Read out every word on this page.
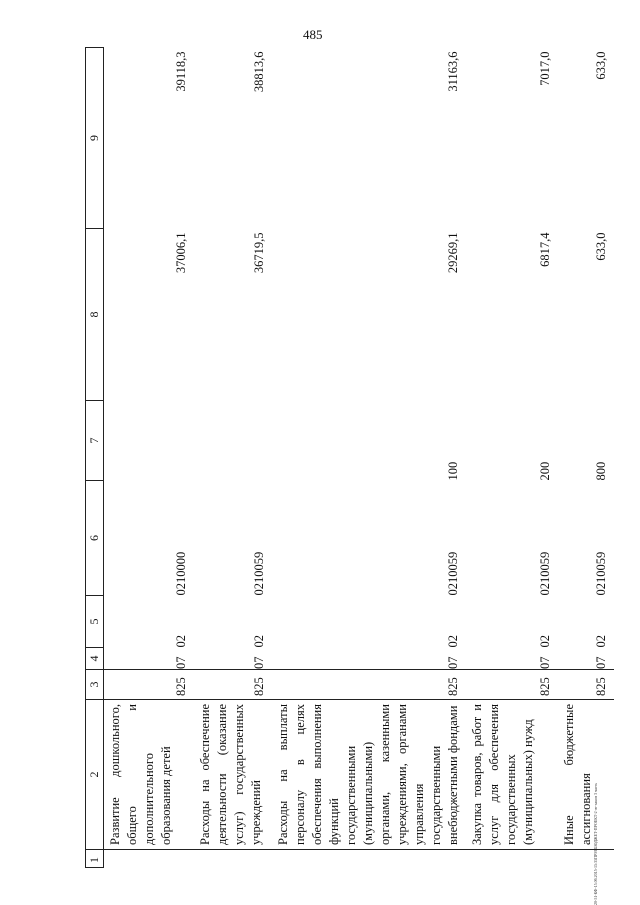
485
20-51-КФ-15.06.2015-15:35ПРМ-БЮДЖЕТ-ПРОЕКТ-2 чт-закон 3 часть
1	2	3	4	5	6	7	8	9

	Развитие дошкольного, общего и дополнительного образования детей	825	07	02	0210000		37006,1	39118,3

	Расходы на обеспечение деятельности (оказание услуг) государственных учреждений	825	07	02	0210059		36719,5	38813,6

	Расходы на выплаты персоналу в целях обеспечения выполнения функций государственными (муниципальными) органами, казенными учреждениями, органами управления государственными внебюджетными фондами	825	07	02	0210059	100	29269,1	31163,6

	Закупка товаров, работ и услуг для обеспечения государственных (муниципальных) нужд	825	07	02	0210059	200	6817,4	7017,0

	Иные бюджетные ассигнования	825	07	02	0210059	800	633,0	633,0
